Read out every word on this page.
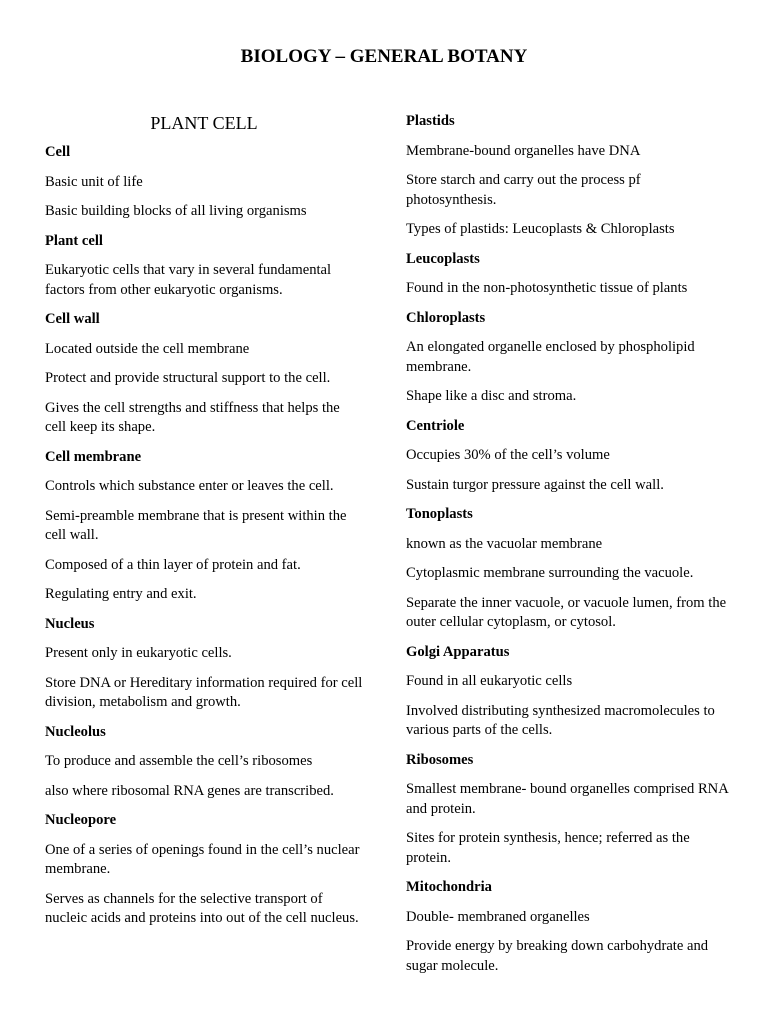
BIOLOGY – GENERAL BOTANY
PLANT CELL
Cell
Basic unit of life
Basic building blocks of all living organisms
Plant cell
Eukaryotic cells that vary in several fundamental factors from other eukaryotic organisms.
Cell wall
Located outside the cell membrane
Protect and provide structural support to the cell.
Gives the cell strengths and stiffness that helps the cell keep its shape.
Cell membrane
Controls which substance enter or leaves the cell.
Semi-preamble membrane that is present within the cell wall.
Composed of a thin layer of protein and fat.
Regulating entry and exit.
Nucleus
Present only in eukaryotic cells.
Store DNA or Hereditary information required for cell division, metabolism and growth.
Nucleolus
To produce and assemble the cell’s ribosomes
also where ribosomal RNA genes are transcribed.
Nucleopore
One of a series of openings found in the cell’s nuclear membrane.
Serves as channels for the selective transport of nucleic acids and proteins into out of the cell nucleus.
Plastids
Membrane-bound organelles have DNA
Store starch and carry out the process pf photosynthesis.
Types of plastids: Leucoplasts & Chloroplasts
Leucoplasts
Found in the non-photosynthetic tissue of plants
Chloroplasts
An elongated organelle enclosed by phospholipid membrane.
Shape like a disc and stroma.
Centriole
Occupies 30% of the cell’s volume
Sustain turgor pressure against the cell wall.
Tonoplasts
known as the vacuolar membrane
Cytoplasmic membrane surrounding the vacuole.
Separate the inner vacuole, or vacuole lumen, from the outer cellular cytoplasm, or cytosol.
Golgi Apparatus
Found in all eukaryotic cells
Involved distributing synthesized macromolecules to various parts of the cells.
Ribosomes
Smallest membrane- bound organelles comprised RNA and protein.
Sites for protein synthesis, hence; referred as the protein.
Mitochondria
Double- membraned organelles
Provide energy by breaking down carbohydrate and sugar molecule.
